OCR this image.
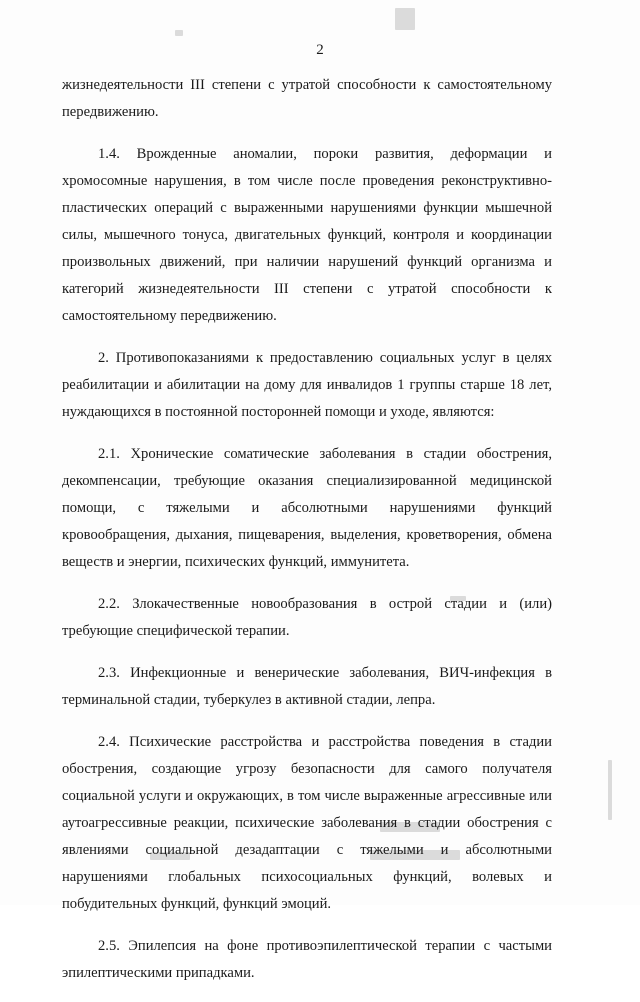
2

жизнедеятельности III степени с утратой способности к самостоятельному передвижению.

1.4. Врожденные аномалии, пороки развития, деформации и хромосомные нарушения, в том числе после проведения реконструктивно-пластических операций с выраженными нарушениями функции мышечной силы, мышечного тонуса, двигательных функций, контроля и координации произвольных движений, при наличии нарушений функций организма и категорий жизнедеятельности III степени с утратой способности к самостоятельному передвижению.

2. Противопоказаниями к предоставлению социальных услуг в целях реабилитации и абилитации на дому для инвалидов 1 группы старше 18 лет, нуждающихся в постоянной посторонней помощи и уходе, являются:

2.1. Хронические соматические заболевания в стадии обострения, декомпенсации, требующие оказания специализированной медицинской помощи, с тяжелыми и абсолютными нарушениями функций кровообращения, дыхания, пищеварения, выделения, кроветворения, обмена веществ и энергии, психических функций, иммунитета.

2.2. Злокачественные новообразования в острой стадии и (или) требующие специфической терапии.

2.3. Инфекционные и венерические заболевания, ВИЧ-инфекция в терминальной стадии, туберкулез в активной стадии, лепра.

2.4. Психические расстройства и расстройства поведения в стадии обострения, создающие угрозу безопасности для самого получателя социальной услуги и окружающих, в том числе выраженные агрессивные или аутоагрессивные реакции, психические заболевания в стадии обострения с явлениями социальной дезадаптации с тяжелыми и абсолютными нарушениями глобальных психосоциальных функций, волевых и побудительных функций, функций эмоций.

2.5. Эпилепсия на фоне противоэпилептической терапии с частыми эпилептическими припадками.
